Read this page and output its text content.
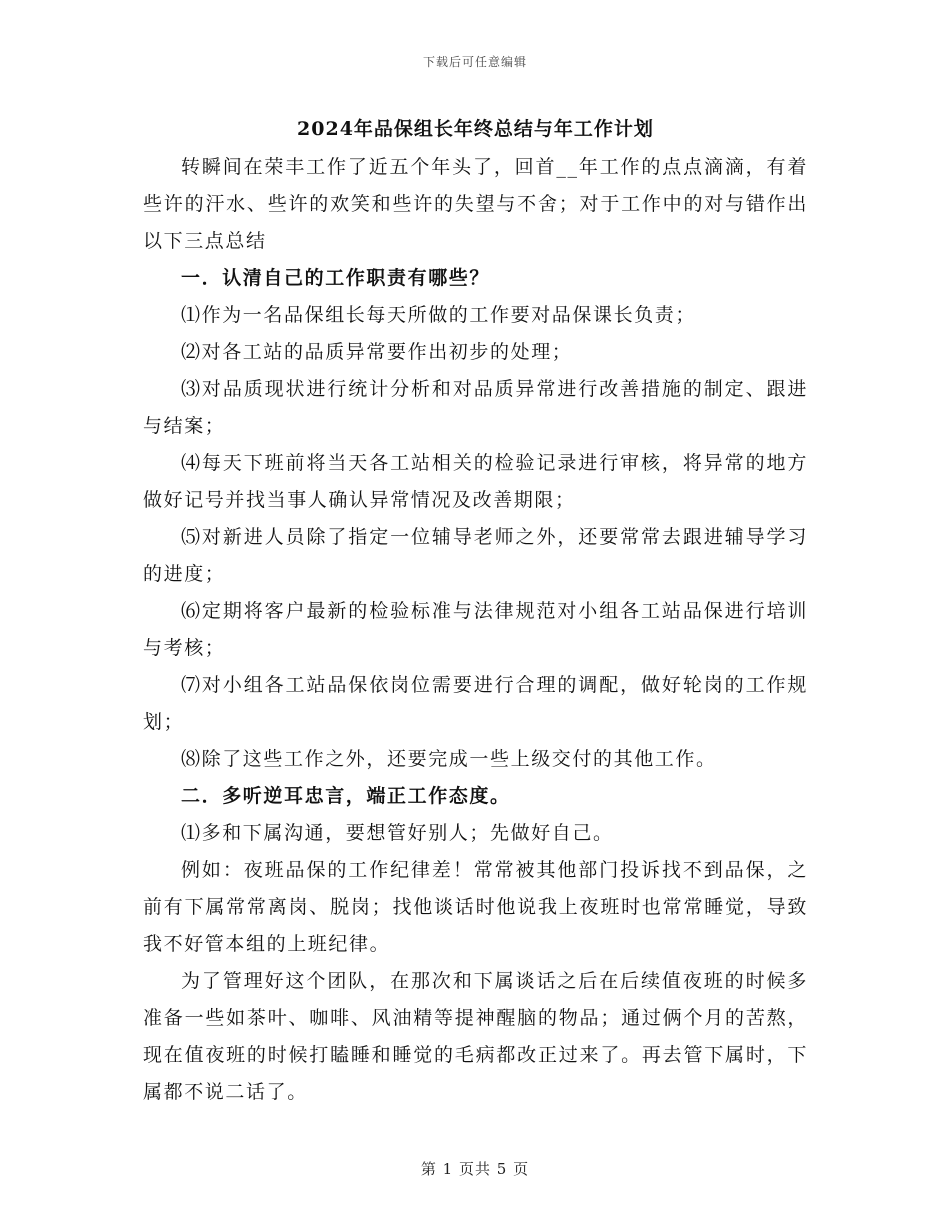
下载后可任意编辑
2024年品保组长年终总结与年工作计划

转瞬间在荣丰工作了近五个年头了，回首__年工作的点点滴滴，有着些许的汗水、些许的欢笑和些许的失望与不舍；对于工作中的对与错作出以下三点总结

一．认清自己的工作职责有哪些？

⑴作为一名品保组长每天所做的工作要对品保课长负责；

⑵对各工站的品质异常要作出初步的处理；

⑶对品质现状进行统计分析和对品质异常进行改善措施的制定、跟进与结案；

⑷每天下班前将当天各工站相关的检验记录进行审核，将异常的地方做好记号并找当事人确认异常情况及改善期限；

⑸对新进人员除了指定一位辅导老师之外，还要常常去跟进辅导学习的进度；

⑹定期将客户最新的检验标准与法律规范对小组各工站品保进行培训与考核；

⑺对小组各工站品保依岗位需要进行合理的调配，做好轮岗的工作规划；

⑻除了这些工作之外，还要完成一些上级交付的其他工作。

二．多听逆耳忠言，端正工作态度。

⑴多和下属沟通，要想管好别人；先做好自己。

例如：夜班品保的工作纪律差！常常被其他部门投诉找不到品保，之前有下属常常离岗、脱岗；找他谈话时他说我上夜班时也常常睡觉，导致我不好管本组的上班纪律。

为了管理好这个团队，在那次和下属谈话之后在后续值夜班的时候多准备一些如茶叶、咖啡、风油精等提神醒脑的物品；通过俩个月的苦熬，现在值夜班的时候打瞌睡和睡觉的毛病都改正过来了。再去管下属时，下属都不说二话了。

第 1 页共 5 页
